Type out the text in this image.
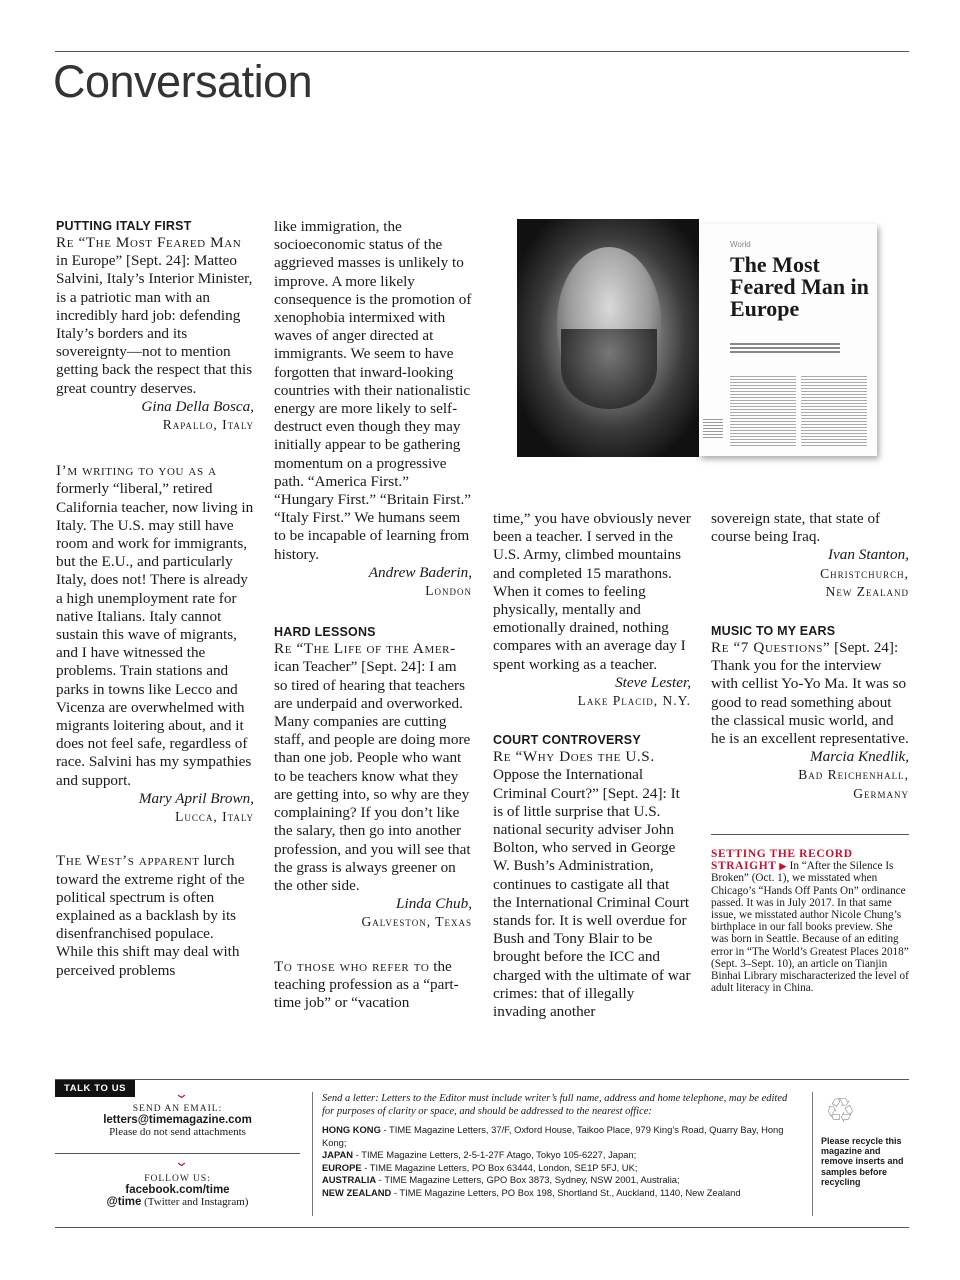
Conversation
PUTTING ITALY FIRST

Re “The Most Feared Man in Europe” [Sept. 24]: Matteo Salvini, Italy’s Interior Minister, is a patriotic man with an incredibly hard job: defending Italy’s borders and its sovereignty—not to mention getting back the respect that this great country deserves.

Gina Della Bosca,
Rapallo, Italy

I’m writing to you as a formerly “liberal,” retired California teacher, now living in Italy. The U.S. may still have room and work for immigrants, but the E.U., and particularly Italy, does not! There is already a high unemployment rate for native Italians. Italy cannot sustain this wave of migrants, and I have witnessed the problems. Train stations and parks in towns like Lecco and Vicenza are overwhelmed with migrants loitering about, and it does not feel safe, regardless of race. Salvini has my sympathies and support.

Mary April Brown,
Lucca, Italy

The West’s apparent lurch toward the extreme right of the political spectrum is often explained as a backlash by its disenfranchised populace. While this shift may deal with perceived problems

like immigration, the socioeconomic status of the aggrieved masses is unlikely to improve. A more likely consequence is the promotion of xenophobia intermixed with waves of anger directed at immigrants. We seem to have forgotten that inward-looking countries with their nationalistic energy are more likely to self-destruct even though they may initially appear to be gathering momentum on a progressive path. “America First.” “Hungary First.” “Britain First.” “Italy First.” We humans seem to be incapable of learning from history.

Andrew Baderin,
London
HARD LESSONS

Re “The Life of the Amer- ican Teacher” [Sept. 24]: I am so tired of hearing that teachers are underpaid and overworked. Many companies are cutting staff, and people are doing more than one job. People who want to be teachers know what they are getting into, so why are they complaining? If you don’t like the salary, then go into another profession, and you will see that the grass is always greener on the other side.

Linda Chub,
Galveston, Texas

To those who refer to the teaching profession as a “part-time job” or “vacation

World
The Most Feared Man in Europe

time,” you have obviously never been a teacher. I served in the U.S. Army, climbed mountains and completed 15 marathons. When it comes to feeling physically, mentally and emotionally drained, nothing compares with an average day I spent working as a teacher.

Steve Lester,
Lake Placid, N.Y.
COURT CONTROVERSY

Re “Why Does the U.S. Oppose the International Criminal Court?” [Sept. 24]: It is of little surprise that U.S. national security adviser John Bolton, who served in George W. Bush’s Administration, continues to castigate all that the International Criminal Court stands for. It is well overdue for Bush and Tony Blair to be brought before the ICC and charged with the ultimate of war crimes: that of illegally invading another

sovereign state, that state of course being Iraq.

Ivan Stanton,
Christchurch,
New Zealand
MUSIC TO MY EARS

Re “7 Questions” [Sept. 24]: Thank you for the interview with cellist Yo-Yo Ma. It was so good to read something about the classical music world, and he is an excellent representative.

Marcia Knedlik,
Bad Reichenhall,
Germany
SETTING THE RECORD STRAIGHT ▶ In “After the Silence Is Broken” (Oct. 1), we misstated when Chicago’s “Hands Off Pants On” ordinance passed. It was in July 2017. In that same issue, we misstated author Nicole Chung’s birthplace in our fall books preview. She was born in Seattle. Because of an editing error in “The World’s Greatest Places 2018” (Sept. 3–Sept. 10), an article on Tianjin Binhai Library mischaracterized the level of adult literacy in China.
TALK TO US	⌄
SEND AN EMAIL:
letters@timemagazine.com
Please do not send attachments
⌄
FOLLOW US:
facebook.com/time
@time (Twitter and Instagram)
Send a letter: Letters to the Editor must include writer’s full name, address and home telephone, may be edited for purposes of clarity or space, and should be addressed to the nearest office:
HONG KONG - TIME Magazine Letters, 37/F, Oxford House, Taikoo Place, 979 King’s Road, Quarry Bay, Hong Kong;
JAPAN - TIME Magazine Letters, 2-5-1-27F Atago, Tokyo 105-6227, Japan;
EUROPE - TIME Magazine Letters, PO Box 63444, London, SE1P 5FJ, UK;
AUSTRALIA - TIME Magazine Letters, GPO Box 3873, Sydney, NSW 2001, Australia;
NEW ZEALAND - TIME Magazine Letters, PO Box 198, Shortland St., Auckland, 1140, New Zealand
♲
Please recycle this magazine and remove inserts and samples before recycling
